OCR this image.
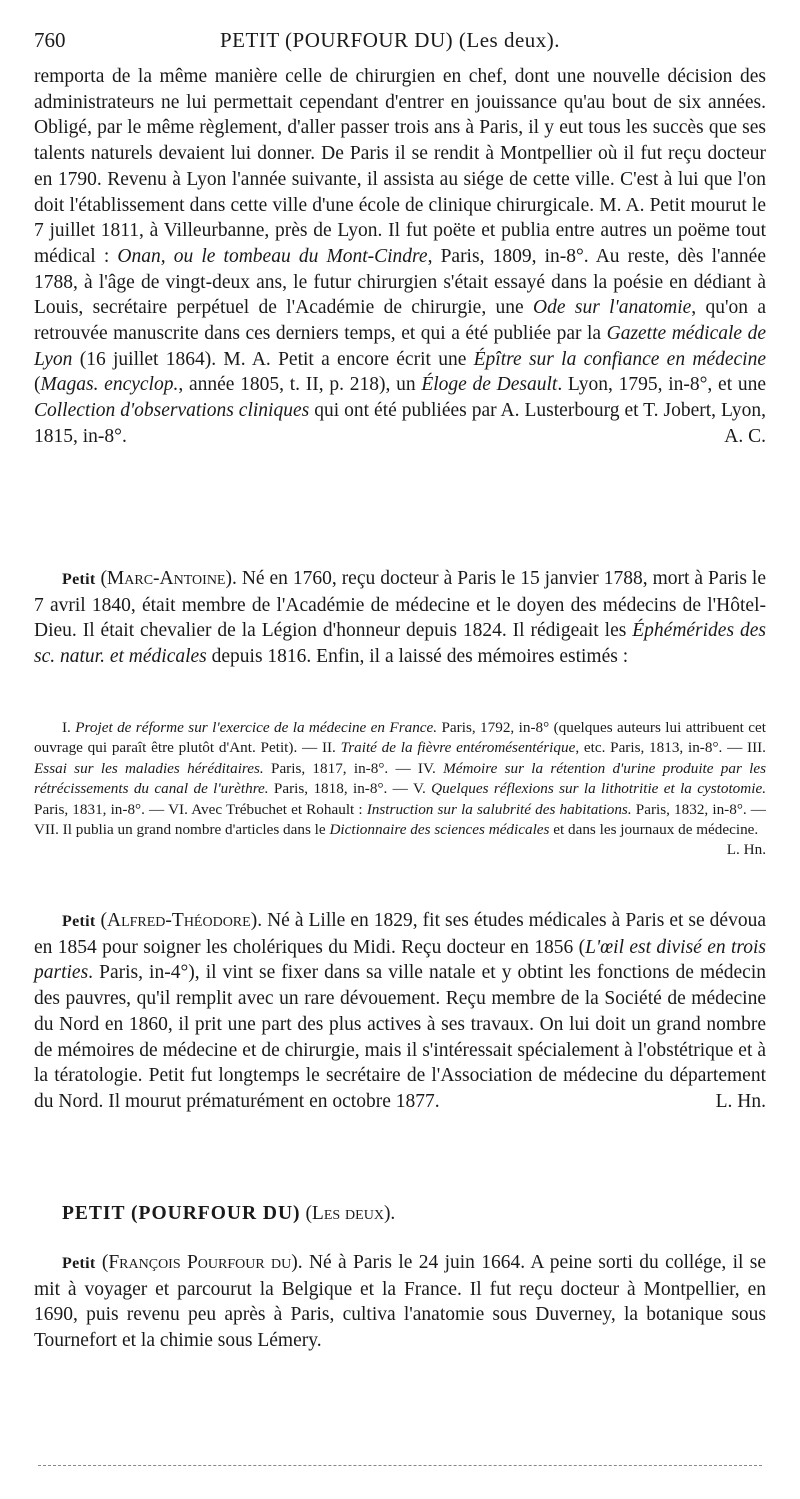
760	PETIT (POURFOUR DU) (Les deux).

remporta de la même manière celle de chirurgien en chef, dont une nouvelle décision des administrateurs ne lui permettait cependant d'entrer en jouissance qu'au bout de six années. Obligé, par le même règlement, d'aller passer trois ans à Paris, il y eut tous les succès que ses talents naturels devaient lui donner. De Paris il se rendit à Montpellier où il fut reçu docteur en 1790. Revenu à Lyon l'année suivante, il assista au siége de cette ville. C'est à lui que l'on doit l'établissement dans cette ville d'une école de clinique chirurgicale. M. A. Petit mourut le 7 juillet 1811, à Villeurbanne, près de Lyon. Il fut poëte et publia entre autres un poëme tout médical : Onan, ou le tombeau du Mont-Cindre, Paris, 1809, in-8°. Au reste, dès l'année 1788, à l'âge de vingt-deux ans, le futur chirurgien s'était essayé dans la poésie en dédiant à Louis, secrétaire perpétuel de l'Académie de chirurgie, une Ode sur l'anatomie, qu'on a retrouvée manuscrite dans ces derniers temps, et qui a été publiée par la Gazette médicale de Lyon (16 juillet 1864). M. A. Petit a encore écrit une Épître sur la confiance en médecine (Magas. encyclop., année 1805, t. II, p. 218), un Éloge de Desault. Lyon, 1795, in-8°, et une Collection d'observations cliniques qui ont été publiées par A. Lusterbourg et T. Jobert, Lyon, 1815, in-8°.	A. C.

Petit (Marc-Antoine). Né en 1760, reçu docteur à Paris le 15 janvier 1788, mort à Paris le 7 avril 1840, était membre de l'Académie de médecine et le doyen des médecins de l'Hôtel-Dieu. Il était chevalier de la Légion d'honneur depuis 1824. Il rédigeait les Éphémérides des sc. natur. et médicales depuis 1816. Enfin, il a laissé des mémoires estimés :

I. Projet de réforme sur l'exercice de la médecine en France. Paris, 1792, in-8° (quelques auteurs lui attribuent cet ouvrage qui paraît être plutôt d'Ant. Petit). — II. Traité de la fièvre entéromésentérique, etc. Paris, 1813, in-8°. — III. Essai sur les maladies héréditaires. Paris, 1817, in-8°. — IV. Mémoire sur la rétention d'urine produite par les rétrécissements du canal de l'urèthre. Paris, 1818, in-8°. — V. Quelques réflexions sur la lithotritie et la cystotomie. Paris, 1831, in-8°. — VI. Avec Trébuchet et Rohault : Instruction sur la salubrité des habitations. Paris, 1832, in-8°. — VII. Il publia un grand nombre d'articles dans le Dictionnaire des sciences médicales et dans les journaux de médecine.
L. Hn.

Petit (Alfred-Théodore). Né à Lille en 1829, fit ses études médicales à Paris et se dévoua en 1854 pour soigner les cholériques du Midi. Reçu docteur en 1856 (L'œil est divisé en trois parties. Paris, in-4°), il vint se fixer dans sa ville natale et y obtint les fonctions de médecin des pauvres, qu'il remplit avec un rare dévouement. Reçu membre de la Société de médecine du Nord en 1860, il prit une part des plus actives à ses travaux. On lui doit un grand nombre de mémoires de médecine et de chirurgie, mais il s'intéressait spécialement à l'obstétrique et à la tératologie. Petit fut longtemps le secrétaire de l'Association de médecine du département du Nord. Il mourut prématurément en octobre 1877.	L. Hn.

PETIT (POURFOUR DU) (Les deux).

Petit (François Pourfour du). Né à Paris le 24 juin 1664. A peine sorti du collége, il se mit à voyager et parcourut la Belgique et la France. Il fut reçu docteur à Montpellier, en 1690, puis revenu peu après à Paris, cultiva l'anatomie sous Duverney, la botanique sous Tournefort et la chimie sous Lémery.
